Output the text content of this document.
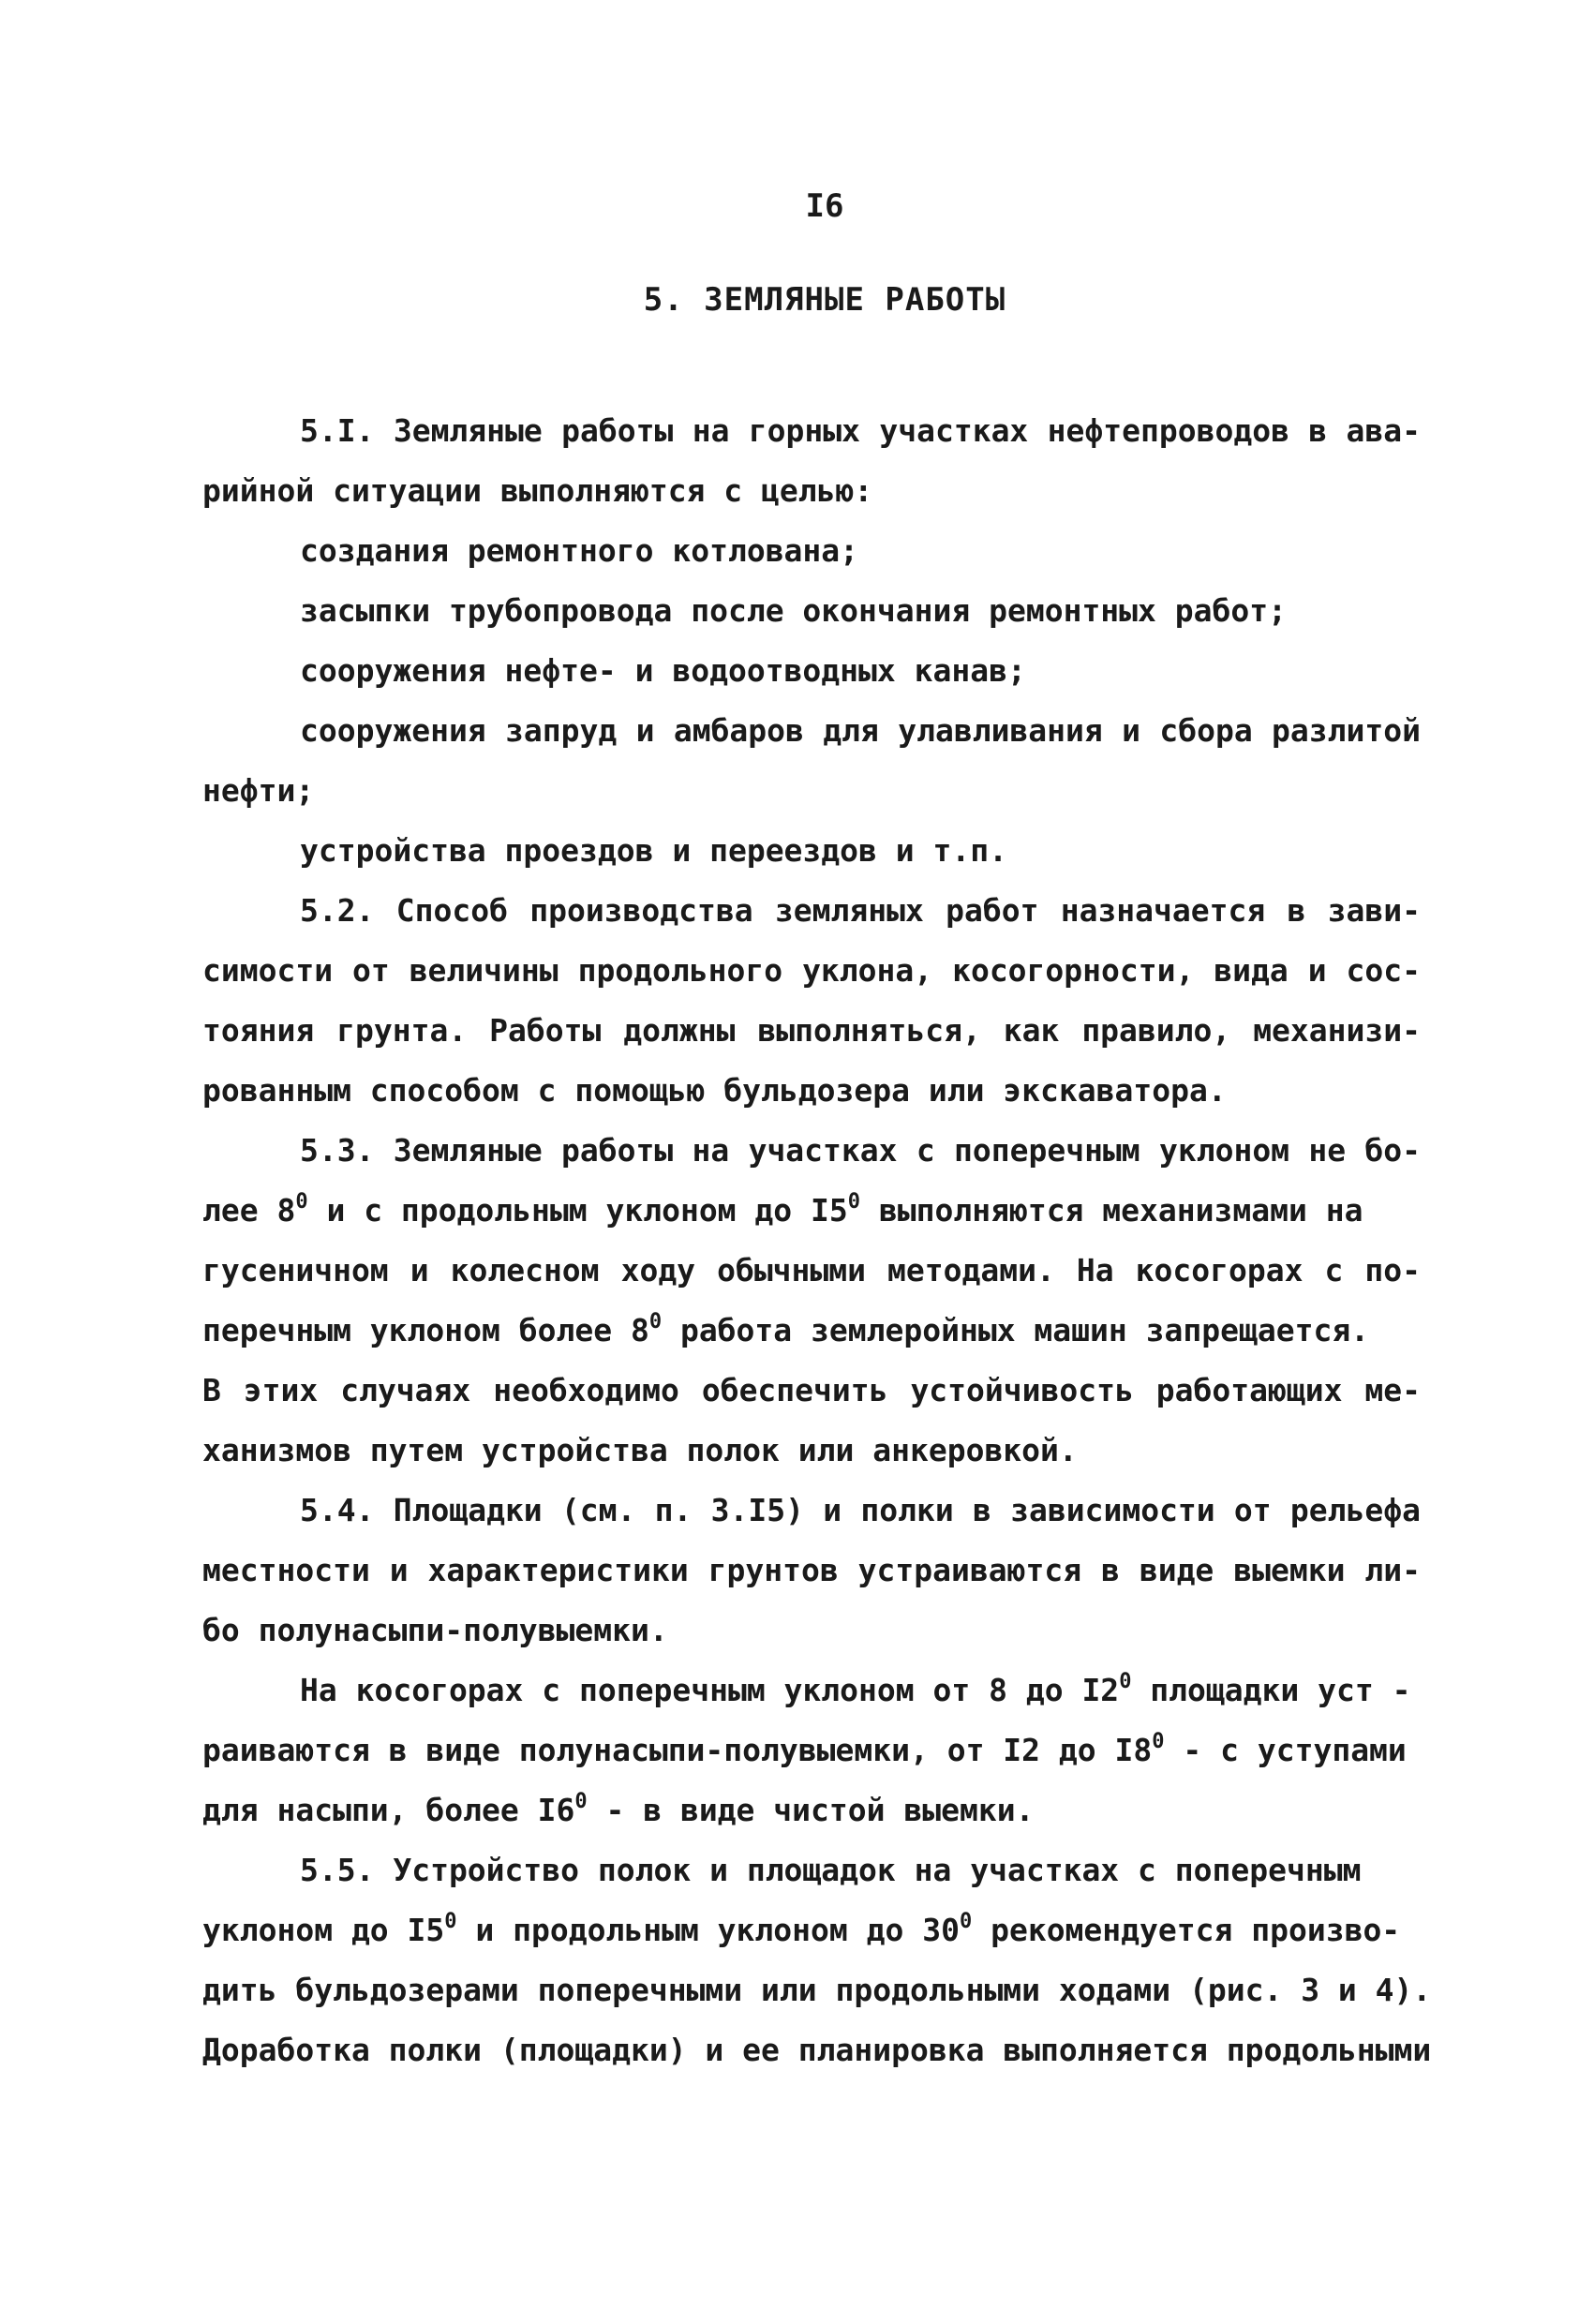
I6
5. ЗЕМЛЯНЫЕ РАБОТЫ
5.I. Земляные работы на горных участках нефтепроводов в ава-
рийной ситуации выполняются с целью:
создания ремонтного котлована;
засыпки трубопровода после окончания ремонтных работ;
сооружения нефте- и водоотводных канав;
сооружения запруд и амбаров для улавливания и сбора разлитой
нефти;
устройства проездов и переездов и т.п.
5.2. Способ производства земляных работ назначается в зави-
симости от величины продольного уклона, косогорности, вида и сос-
тояния грунта. Работы должны выполняться, как правило, механизи-
рованным способом с помощью бульдозера или экскаватора.
5.3. Земляные работы на участках с поперечным уклоном не бо-
лее $8^0$ и с продольным уклоном до $I5^0$ выполняются механизмами на
гусеничном и колесном ходу обычными методами. На косогорах с по-
перечным уклоном более $8^0$ работа землеройных машин запрещается.
В этих случаях необходимо обеспечить устойчивость работающих ме-
ханизмов путем устройства полок или анкеровкой.
5.4. Площадки (см. п. 3.I5) и полки в зависимости от рельефа
местности и характеристики грунтов устраиваются в виде выемки ли-
бо полунасыпи-полувыемки.
На косогорах с поперечным уклоном от 8 до $I2^0$ площадки уст -
раиваются в виде полунасыпи-полувыемки, от I2 до $I8^0$ - с уступами
для насыпи, более $I6^0$ - в виде чистой выемки.
5.5. Устройство полок и площадок на участках с поперечным
уклоном до $I5^0$ и продольным уклоном до $30^0$ рекомендуется произво-
дить бульдозерами поперечными или продольными ходами (рис. 3 и 4).
Доработка полки (площадки) и ее планировка выполняется продольными
